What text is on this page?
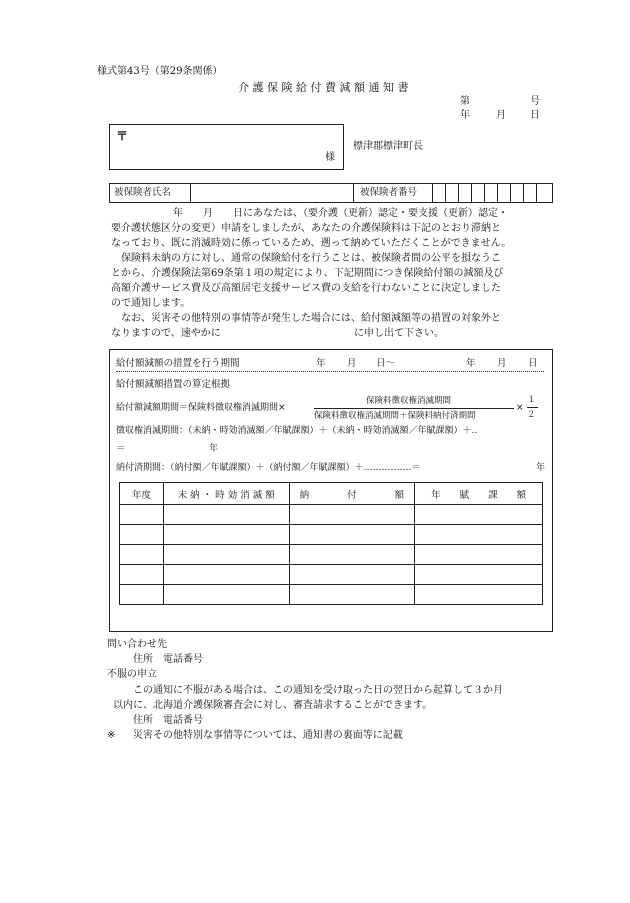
様式第43号（第29条関係）
介 護 保 険 給 付 費 減 額 通 知 書
第	号
年	月 日
〒
様
標津郡標津町長
被保険者氏名	被保険者番号
年　　月　　日にあなたは、（要介護（更新）認定・要支援（更新）認定・
要介護状態区分の変更）申請をしましたが、あなたの介護保険料は下記のとおり滞納と
なっており、既に消滅時効に係っているため、遡って納めていただくことができません。
保険料未納の方に対し、通常の保険給付を行うことは、被保険者間の公平を損なうこ
とから、介護保険法第69条第１項の規定により、下記期間につき保険給付額の減額及び
高額介護サービス費及び高額居宅支援サービス費の支給を行わないことに決定しました
ので通知します。
なお、災害その他特別の事情等が発生した場合には、給付額減額等の措置の対象外と
なりますので、速やかに	に申し出て下さい。
給付額減額の措置を行う期間	年 月 日～	年 月 日
給付額減額措置の算定根拠
給付額減額期間＝保険料徴収権消滅期間×
保険料徴収権消滅期間
保険料徴収権消滅期間＋保険料納付済期間
×
１
２
徴収権消滅期間：（未納・時効消滅額／年賦課額）＋（未納・時効消滅額／年賦課額）＋‥
＝	年
納付済期間：（納付額／年賦課額）＋（納付額／年賦課額）＋‥‥‥‥‥‥‥‥＝	年
年度	未 納 ・ 時 効 消 滅 額	納　　　　付　　　　額	年　　賦　　課　　額

問い合わせ先
住所　電話番号
不服の申立
この通知に不服がある場合は、この通知を受け取った日の翌日から起算して３か月
以内に、北海道介護保険審査会に対し、審査請求することができます。
住所　電話番号
※ 災害その他特別な事情等については、通知書の裏面等に記載
